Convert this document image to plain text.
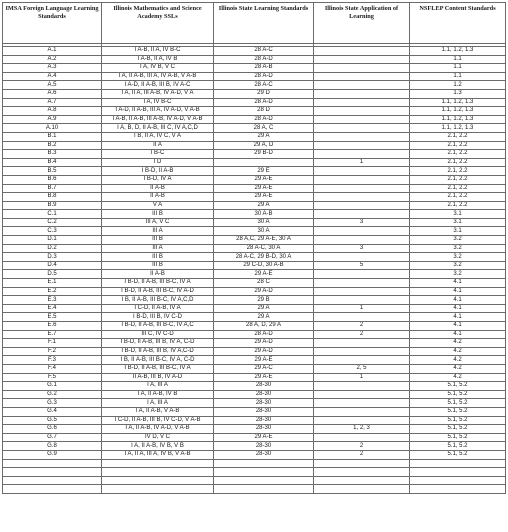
IMSA Foreign Language Learning Standards	Illinois Mathematics and Science Academy SSLs	Illinois State Learning Standards	Illinois State Application of Learning	NSFLEP Content Standards

A.1	I A-B, II A, IV B-C	28 A-C		1.1, 1.2, 1.3
A.2	I A-B, II A, IV B	28 A-D		1.1
A.3	I A, IV B, V C	28 A-B		1.1
A.4	I A, II A-B, III A, IV A-B, V A-B	28 A-D		1.1
A.5	I A-D, II A-B, III B, IV A-C	28 A-C		1.2
A.6	I A, II A, III A-B, IV A-D, V A	29 D		1.3
A.7	I A, IV B-C	28 A-D		1.1, 1.2, 1.3
A.8	I A-D, II A-B, III A, IV A-D, V A-B	28 D		1.1, 1.2, 1.3
A.9	I A-B, II A-B, III A-B, IV A-D, V A-B	28 A-D		1.1, 1.2, 1.3
A.10	I A, B, D, II A-B, III C, IV A,C,D	28 A, C		1.1, 1.2, 1.3
B.1	I B, II A, IV C, V A	29 A		2.1, 2.2
B.2	II A	29 A, D		2.1, 2.2
B.3	I B-C	29 B-D		2.1, 2.2
B.4	I D		1	2.1, 2.2
B.5	I B-D, II A-B	29 E		2.1, 2.2
B.6	I B-D, IV A	29 A-E		2.1, 2.2
B.7	II A-B	29 A-E		2.1, 2.2
B.8	II A-B	29 A-E		2.1, 2.2
B.9	V A	29 A		2.1, 2.2
C.1	III B	30 A-B		3.1
C.2	III A, V C	30 A	3	3.1
C.3	III A	30 A		3.1
D.1	III B	28 A,C, 29 A-E, 30 A		3.2
D.2	III A	28 A-C, 30 A	3	3.2
D.3	III B	28 A-C, 29 B-D, 30 A		3.2
D.4	III B	29 C-D, 30 A-B	5	3.2
D.5	II A-B	29 A-E		3.2
E.1	I B-D, II A-B, III B-C, IV A	28 C		4.1
E.2	I B-D, II A-B, III B-C, IV A-D	29 A-D		4.1
E.3	I B, II A-B, III B-C, IV A,C,D	29 B		4.1
E.4	I C-D, II A-B, IV A	29 A	1	4.1
E.5	I B-D, III B, IV C-D	29 A		4.1
E.6	I B-D, II A-B, III B-C, IV A,C	28 A, D, 29 A	2	4.1
E.7	III C, IV C-D	28 A-D	2	4.1
F.1	I B-D, II A-B, III B, IV A, C-D	29 A-D		4.2
F.2	I B-D, II A-B, III B, IV A,C-D	29 A-D		4.2
F.3	I B, II A-B, III B-C, IV A, C-D	29 A-E		4.2
F.4	I B-D, II A-B, III B-C, IV A	29 A-C	2, 5	4.2
F.5	II A-B, III B, IV A-D	29 A-E	1	4.2
G.1	I A, III A	28-30		5.1, 5.2
G.2	I A, II A-B, IV B	28-30		5.1, 5.2
G.3	I A, III A	28-30		5.1, 5.2
G.4	I A, II A-B, V A-B	28-30		5.1, 5.2
G.5	I C-D, II A-B, III B, IV C-D, V A-B	28-30		5.1, 5.2
G.6	I A, II A-B, IV A-D, V A-B	28-30	1, 2, 3	5.1, 5.2
G.7	IV D, V C	29 A-E		5.1, 5.2
G.8	I A, II A-B, IV B, V B	28-30	2	5.1, 5.2
G.9	I A, II A, III A, IV B, V A-B	28-30	2	5.1, 5.2
